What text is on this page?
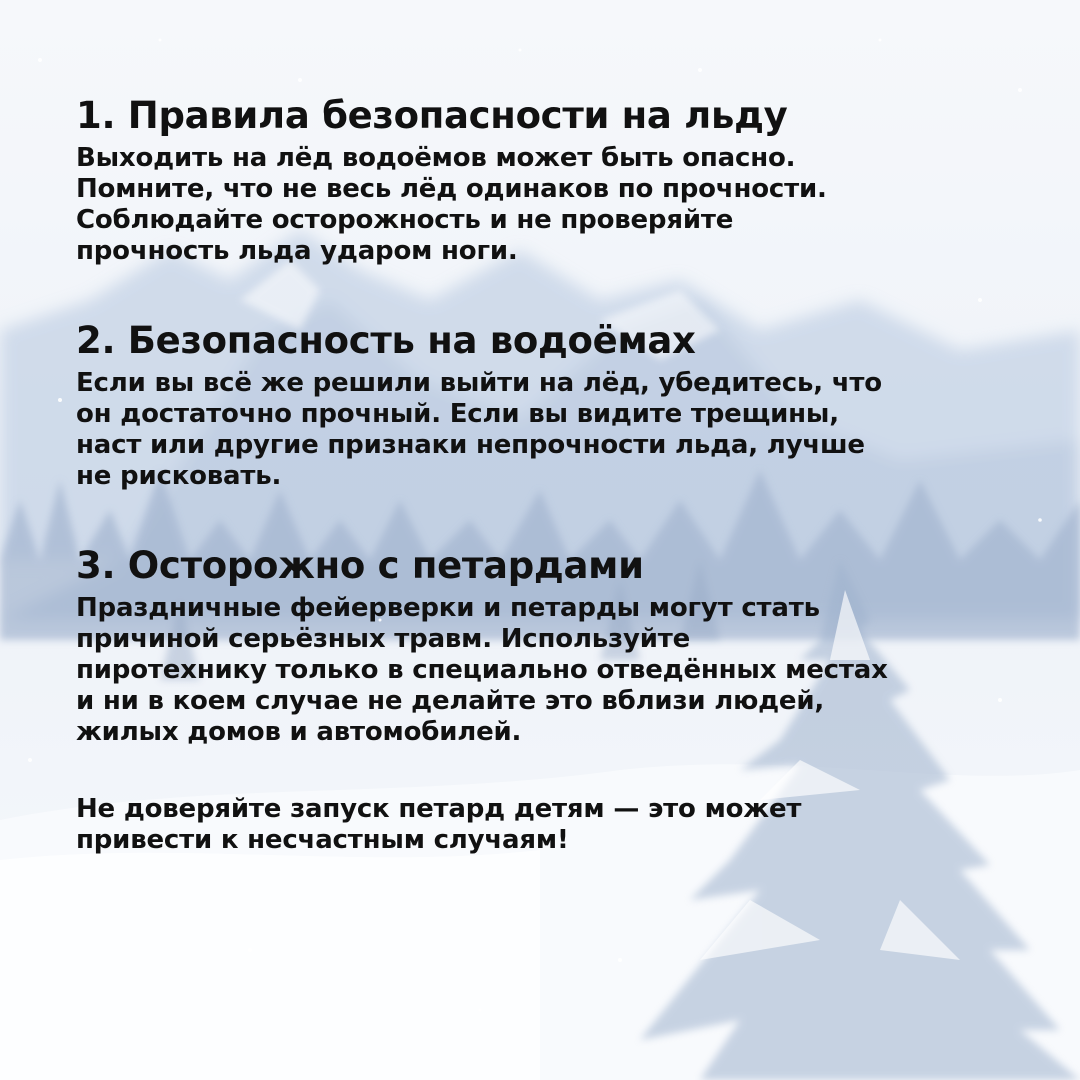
1. Правила безопасности на льду

Выходить на лёд водоёмов может быть опасно.
Помните, что не весь лёд одинаков по прочности.
Соблюдайте осторожность и не проверяйте
прочность льда ударом ноги.

2. Безопасность на водоёмах

Если вы всё же решили выйти на лёд, убедитесь, что
он достаточно прочный. Если вы видите трещины,
наст или другие признаки непрочности льда, лучше
не рисковать.

3. Осторожно с петардами

Праздничные фейерверки и петарды могут стать
причиной серьёзных травм. Используйте
пиротехнику только в специально отведённых местах
и ни в коем случае не делайте это вблизи людей,
жилых домов и автомобилей.

Не доверяйте запуск петард детям — это может
привести к несчастным случаям!
